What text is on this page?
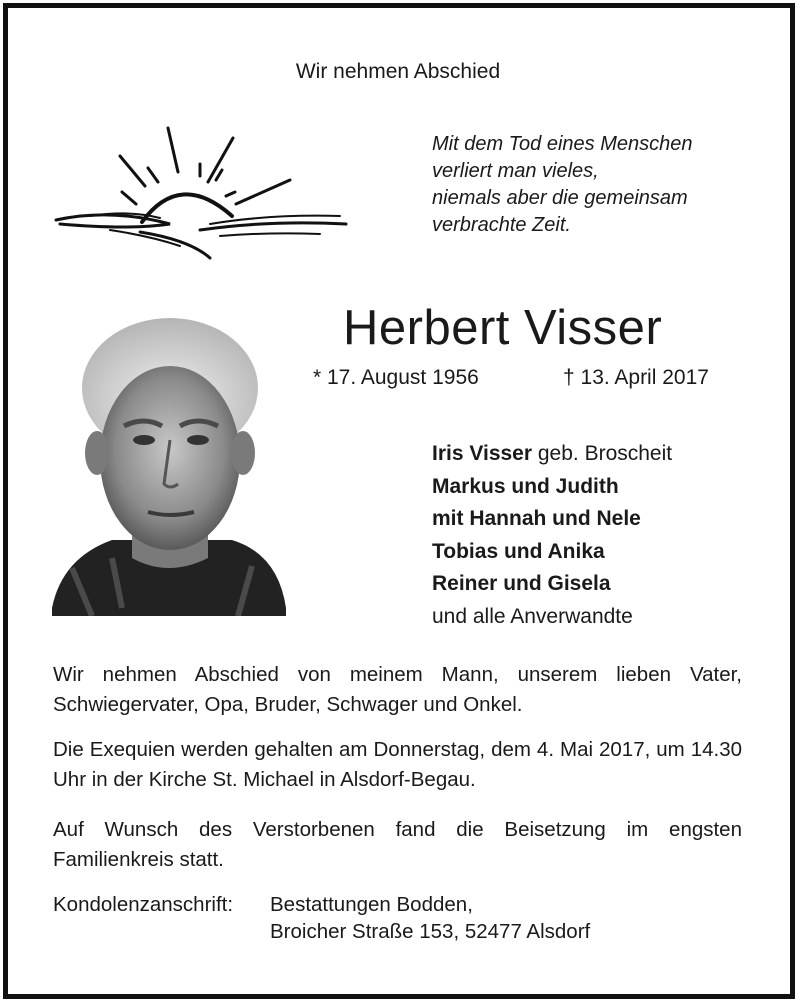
Wir nehmen Abschied
Mit dem Tod eines Menschen
verliert man vieles,
niemals aber die gemeinsam
verbrachte Zeit.
Herbert Visser
* 17. August 1956	† 13. April 2017
Iris Visser geb. Broscheit
Markus und Judith
mit Hannah und Nele
Tobias und Anika
Reiner und Gisela
und alle Anverwandte
Wir nehmen Abschied von meinem Mann, unserem lieben Vater, Schwiegervater, Opa, Bruder, Schwager und Onkel.
Die Exequien werden gehalten am Donnerstag, dem 4. Mai 2017, um 14.30 Uhr in der Kirche St. Michael in Alsdorf-Begau.
Auf Wunsch des Verstorbenen fand die Beisetzung im engsten Familienkreis statt.
Kondolenzanschrift: Bestattungen Bodden,
Broicher Straße 153, 52477 Alsdorf
